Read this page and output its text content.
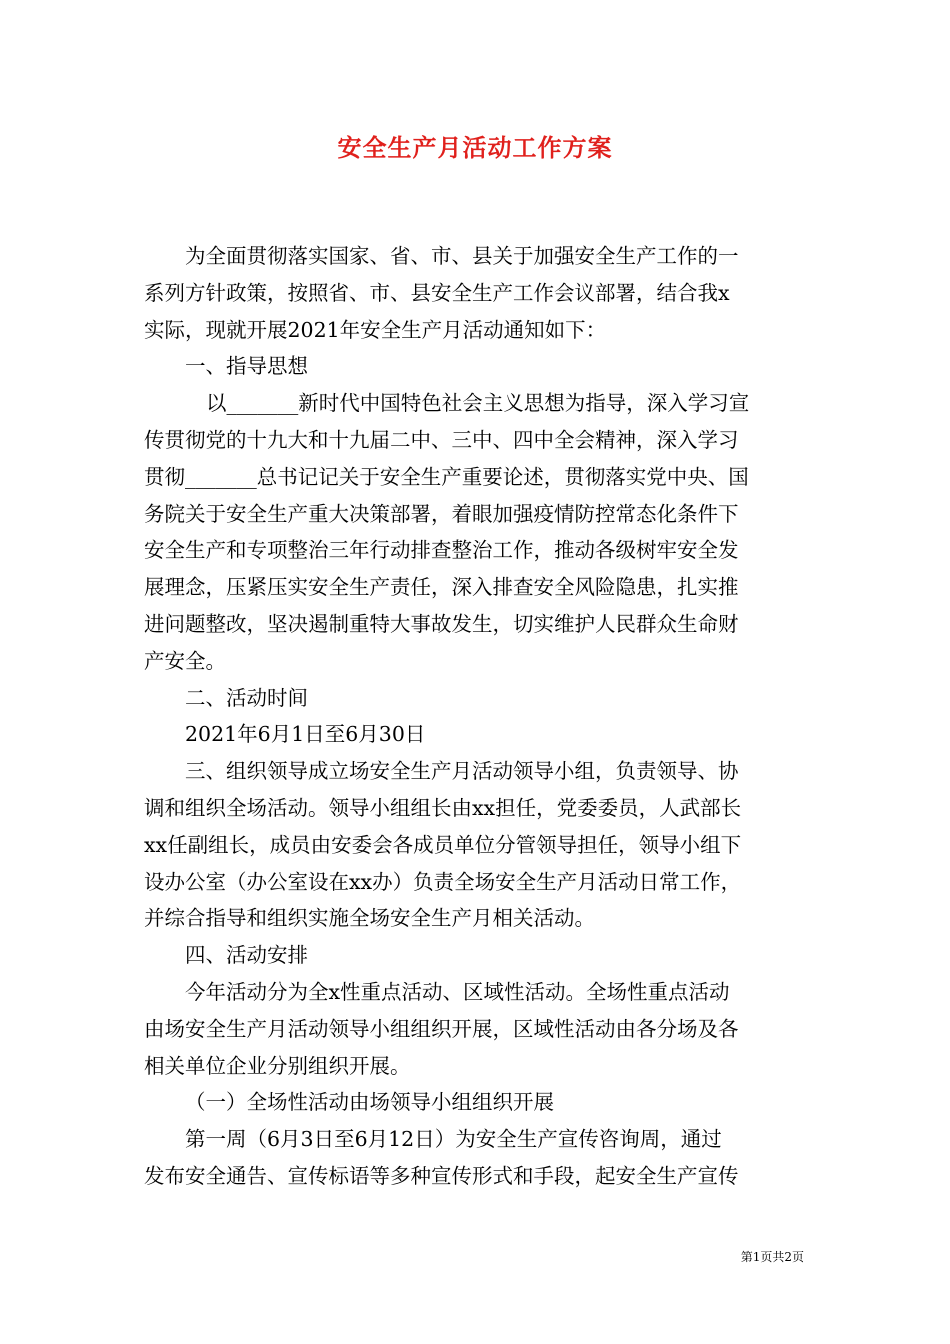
安全生产月活动工作方案
为全面贯彻落实国家、省、市、县关于加强安全生产工作的一
系列方针政策，按照省、市、县安全生产工作会议部署，结合我x
实际，现就开展2021年安全生产月活动通知如下：
一、指导思想
以_______新时代中国特色社会主义思想为指导，深入学习宣
传贯彻党的十九大和十九届二中、三中、四中全会精神，深入学习
贯彻_______总书记记关于安全生产重要论述，贯彻落实党中央、国
务院关于安全生产重大决策部署，着眼加强疫情防控常态化条件下
安全生产和专项整治三年行动排查整治工作，推动各级树牢安全发
展理念，压紧压实安全生产责任，深入排查安全风险隐患，扎实推
进问题整改，坚决遏制重特大事故发生，切实维护人民群众生命财
产安全。
二、活动时间
2021年6月1日至6月30日
三、组织领导成立场安全生产月活动领导小组，负责领导、协
调和组织全场活动。领导小组组长由xx担任，党委委员，人武部长
xx任副组长，成员由安委会各成员单位分管领导担任，领导小组下
设办公室（办公室设在xx办）负责全场安全生产月活动日常工作，
并综合指导和组织实施全场安全生产月相关活动。
四、活动安排
今年活动分为全x性重点活动、区域性活动。全场性重点活动
由场安全生产月活动领导小组组织开展，区域性活动由各分场及各
相关单位企业分别组织开展。
（一）全场性活动由场领导小组组织开展
第一周（6月3日至6月12日）为安全生产宣传咨询周，通过
发布安全通告、宣传标语等多种宣传形式和手段，起安全生产宣传
第1页共2页
